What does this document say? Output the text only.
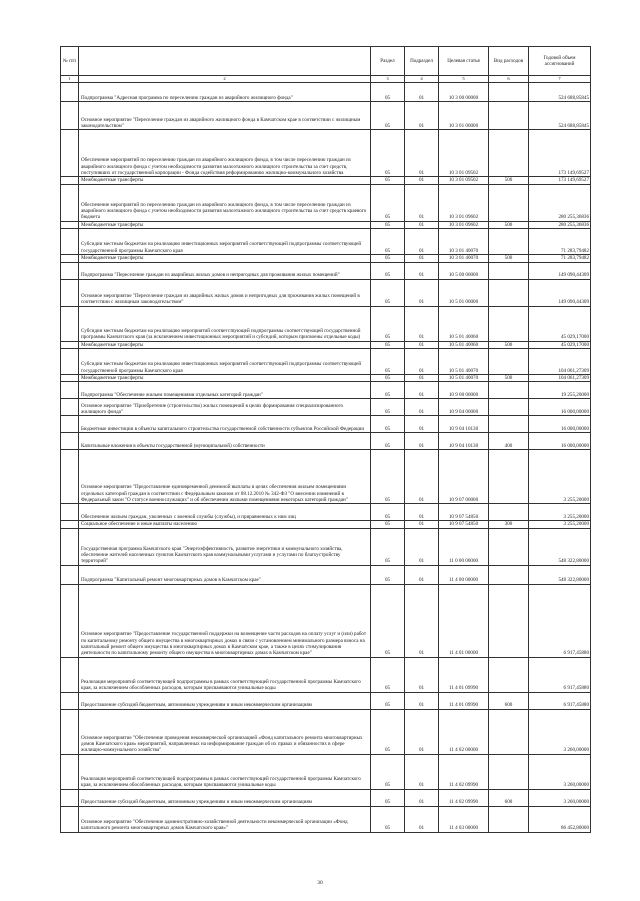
№ п/п		Раздел	Подраздел	Целевая статья	Вид расходов	Годовой объем ассигнований
1	2	3	4	5	6	7
	Подпрограмма "Адресная программа по переселению граждан из аварийного жилищного фонда"	05	01	10 3 00 00000		524 688,85845
	Основное мероприятие "Переселение граждан из аварийного жилищного фонда в Камчатском крае в соответствии с жилищным законодательством"	05	01	10 3 01 00000		524 688,85845
	Обеспечение мероприятий по переселению граждан из аварийного жилищного фонда, в том числе переселению граждан из аварийного жилищного фонда с учетом необходимости развития малоэтажного жилищного строительства за счет средств, поступивших от государственной корпорации - Фонда содействия реформированию жилищно-коммунального хозяйства	05	01	10 3 01 09502		173 149,69527
	Межбюджетные трансферты	05	01	10 3 01 09502	500	173 149,69527
	Обеспечение мероприятий по переселению граждан из аварийного жилищного фонда, в том числе переселению граждан из аварийного жилищного фонда с учетом необходимости развития малоэтажного жилищного строительства за счет средств краевого бюджета	05	01	10 3 01 09602		280 255,36836
	Межбюджетные трансферты	05	01	10 3 01 09602	500	280 255,36836
	Субсидии местным бюджетам на реализацию инвестиционных мероприятий соответствующей подпрограммы соответствующей государственной программы Камчатского края	05	01	10 3 01 40070		71 283,79482
	Межбюджетные трансферты	05	01	10 3 01 40070	500	71 283,79482
	Подпрограмма "Переселение граждан из аварийных жилых домов и непригодных для проживания жилых помещений"	05	01	10 5 00 00000		149 090,44309
	Основное мероприятие "Переселение граждан из аварийных жилых домов и непригодных для проживания жилых помещений в соответствии с жилищным законодательством"	05	01	10 5 01 00000		149 090,44309
	Субсидии местным бюджетам на реализацию мероприятий соответствующей подпрограммы соответствующей государственной программы Камчатского края (за исключением инвестиционных мероприятий и субсидий, которым присвоены отдельные коды)	05	01	10 5 01 40060		45 029,17000
	Межбюджетные трансферты	05	01	10 5 01 40060	500	45 029,17000
	Субсидии местным бюджетам на реализацию инвестиционных мероприятий соответствующей подпрограммы соответствующей государственной программы Камчатского края	05	01	10 5 01 40070		104 061,27309
	Межбюджетные трансферты	05	01	10 5 01 40070	500	104 061,27309
	Подпрограмма "Обеспечение жильем помещениями отдельных категорий граждан"	05	01	10 9 00 00000		19 255,20000
	Основное мероприятие "Приобретение (строительство) жилых помещений в целях формирования специализированного жилищного фонда"	05	01	10 9 04 00000		16 000,00000
	Бюджетные инвестиции в объекты капитального строительства государственной собственности субъектов Российской Федерации	05	01	10 9 04 10130		16 000,00000
	Капитальные вложения в объекты государственной (муниципальной) собственности	05	01	10 9 04 10130	400	16 000,00000
	Основное мероприятие "Предоставление единовременной денежной выплаты в целях обеспечения жильем помещениями отдельных категорий граждан в соответствии с Федеральным законом от 08.12.2010 № 342-ФЗ "О внесении изменений в Федеральный закон "О статусе военнослужащих" и об обеспечении жилыми помещениями некоторых категорий граждан"	05	01	10 9 07 00000		3 255,20000
	Обеспечение жильем граждан, уволенных с военной службы (службы), и приравненных к ним лиц	05	01	10 9 07 54850		3 255,20000
	Социальное обеспечение и иные выплаты населению	05	01	10 9 07 54850	300	3 255,20000
	Государственная программа Камчатского края "Энергоэффективность, развитие энергетики и коммунального хозяйства, обеспечение жителей населенных пунктов Камчатского края коммунальными услугами и услугами по благоустройству территорий"	05	01	11 0 00 00000		548 322,80000
	Подпрограмма "Капитальный ремонт многоквартирных домов в Камчатском крае"	05	01	11 4 00 00000		548 322,80000
	Основное мероприятие "Предоставление государственной поддержки на возмещение части расходов на оплату услуг и (или) работ по капитальному ремонту общего имущества в многоквартирных домах в связи с установлением минимального размера взноса на капитальный ремонт общего имущества в многоквартирных домах в Камчатском крае, а также в целях стимулирования деятельности по капитальному ремонту общего имущества в многоквартирных домах в Камчатском крае"	05	01	11 4 01 00000		6 917,45880
	Реализация мероприятий соответствующей подпрограммы в рамках соответствующей государственной программы Камчатского края, за исключением обособленных расходов, которым присваиваются уникальные коды	05	01	11 4 01 09990		6 917,45880
	Предоставление субсидий бюджетным, автономным учреждениям и иным некоммерческим организациям	05	01	11 4 01 09990	600	6 917,45880
	Основное мероприятие "Обеспечение проведения некоммерческой организацией «Фонд капитального ремонта многоквартирных домов Камчатского края» мероприятий, направленных на информирование граждан об их правах и обязанностях в сфере жилищно-коммунального хозяйства"	05	01	11 4 02 00000		3 260,00000
	Реализация мероприятий соответствующей подпрограммы в рамках соответствующей государственной программы Камчатского края, за исключением обособленных расходов, которым присваиваются уникальные коды	05	01	11 4 02 09990		3 260,00000
	Предоставление субсидий бюджетным, автономным учреждениям и иным некоммерческим организациям	05	01	11 4 02 09990	600	3 260,00000
	Основное мероприятие "Обеспечение административно-хозяйственной деятельности некоммерческой организации «Фонд капитального ремонта многоквартирных домов Камчатского края»"	05	01	11 4 03 00000		86 452,80000
30
